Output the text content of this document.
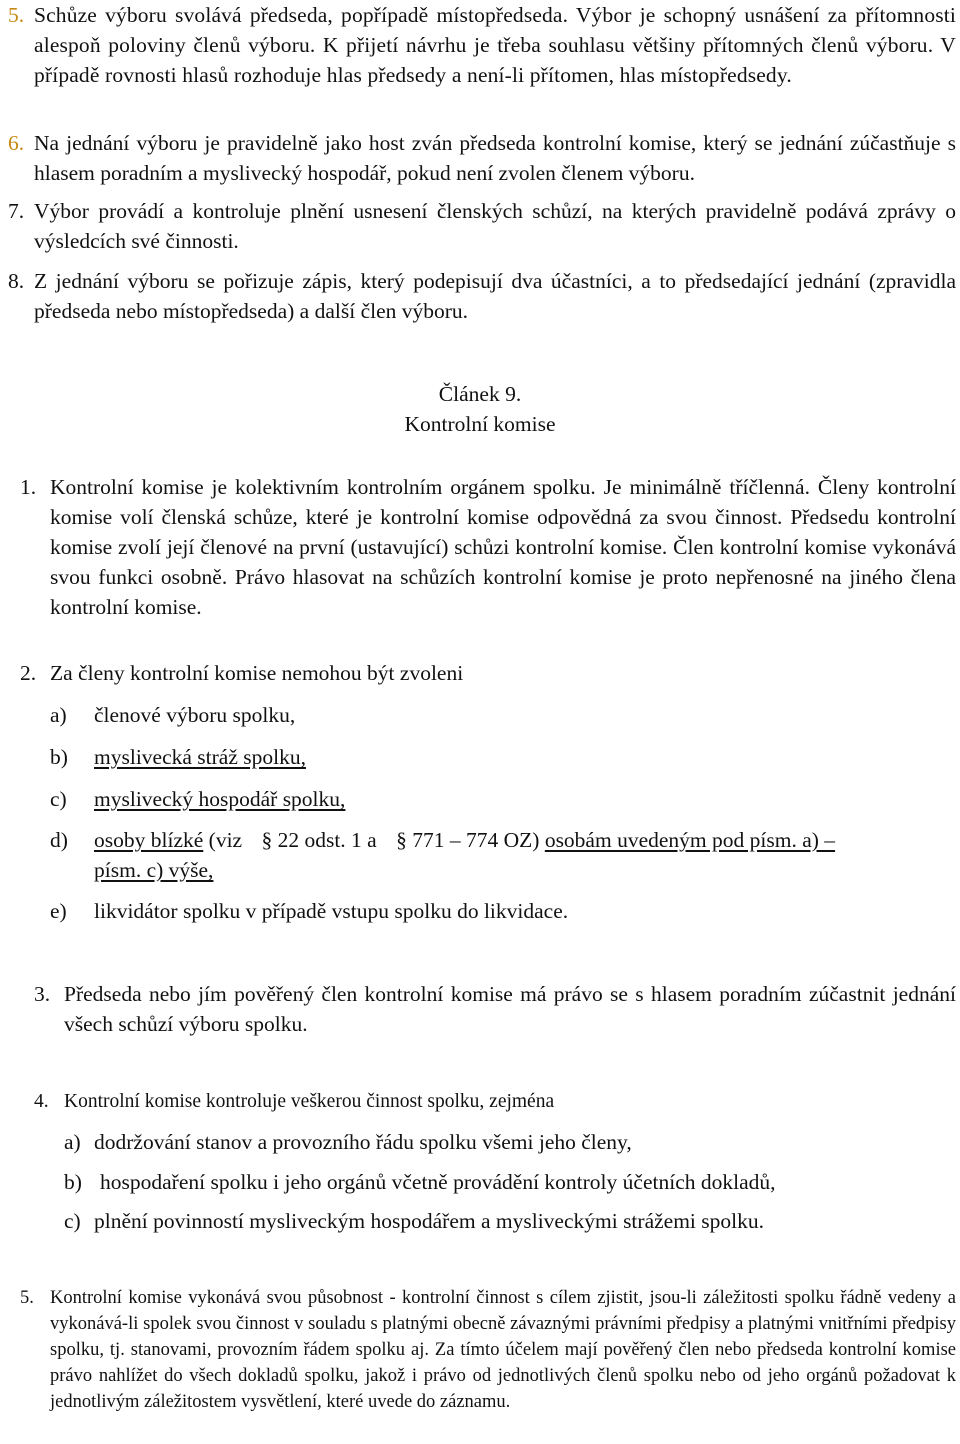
5. Schůze výboru svolává předseda, popřípadě místopředseda. Výbor je schopný usnášení za přítomnosti alespoň poloviny členů výboru. K přijetí návrhu je třeba souhlasu většiny přítomných členů výboru. V případě rovnosti hlasů rozhoduje hlas předsedy a není-li přítomen, hlas místopředsedy.

6. Na jednání výboru je pravidelně jako host zván předseda kontrolní komise, který se jednání zúčastňuje s hlasem poradním a myslivecký hospodář, pokud není zvolen členem výboru.

7. Výbor provádí a kontroluje plnění usnesení členských schůzí, na kterých pravidelně podává zprávy o výsledcích své činnosti.

8. Z jednání výboru se pořizuje zápis, který podepisují dva účastníci, a to předsedající jednání (zpravidla předseda nebo místopředseda) a další člen výboru.

Článek 9.
Kontrolní komise
1. Kontrolní komise je kolektivním kontrolním orgánem spolku. Je minimálně tříčlenná. Členy kontrolní komise volí členská schůze, které je kontrolní komise odpovědná za svou činnost. Předsedu kontrolní komise zvolí její členové na první (ustavující) schůzi kontrolní komise. Člen kontrolní komise vykonává svou funkci osobně. Právo hlasovat na schůzích kontrolní komise je proto nepřenosné na jiného člena kontrolní komise.

2. Za členy kontrolní komise nemohou být zvoleni
a) členové výboru spolku,
b) myslivecká stráž spolku,
c) myslivecký hospodář spolku,
d) osoby blízké (viz § 22 odst. 1 a § 771 – 774 OZ) osobám uvedeným pod písm. a) –
písm. c) výše,
e) likvidátor spolku v případě vstupu spolku do likvidace.
3. Předseda nebo jím pověřený člen kontrolní komise má právo se s hlasem poradním zúčastnit jednání všech schůzí výboru spolku.

4. Kontrolní komise kontroluje veškerou činnost spolku, zejména
a) dodržování stanov a provozního řádu spolku všemi jeho členy,
b) hospodaření spolku i jeho orgánů včetně provádění kontroly účetních dokladů,
c) plnění povinností mysliveckým hospodářem a mysliveckými strážemi spolku.
5. Kontrolní komise vykonává svou působnost - kontrolní činnost s cílem zjistit, jsou-li záležitosti spolku řádně vedeny a vykonává-li spolek svou činnost v souladu s platnými obecně závaznými právními předpisy a platnými vnitřními předpisy spolku, tj. stanovami, provozním řádem spolku aj. Za tímto účelem mají pověřený člen nebo předseda kontrolní komise právo nahlížet do všech dokladů spolku, jakož i právo od jednotlivých členů spolku nebo od jeho orgánů požadovat k jednotlivým záležitostem vysvětlení, které uvede do záznamu.
